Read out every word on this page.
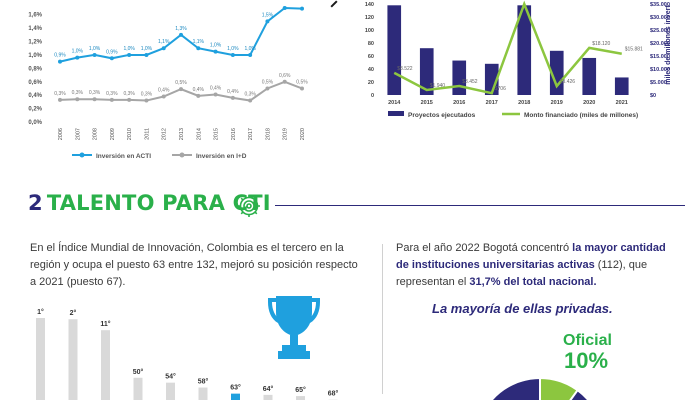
0,0%
0,2%
0,4%
0,6%
0,8%
1,0%
1,2%
1,4%
1,6%
2006 2007 2008 2009 2010 2011 2012 2013 2014 2015 2016 2017 2018 2019 2020
0,9%
1,0% 1,0%
0,9%
1,0% 1,0%
1,1%
1,3%
1,1%
1,0%
1,0% 1,0%
1,5%
0,3% 0,3% 0,3% 0,3% 0,3% 0,3%
0,4%
0,5%
0,4% 0,4%
0,4% 0,3%
0,5%
0,6%
0,5%
Inversión en ACTI	Inversión en I+D
miles de millones invert
0
20
40
60
80
100
120
140
$0
$5.000
$10.000
$15.000
$20.000
$25.000
$30.000
$35.000
$8.522
$1.940
$3.452
$706
$3.426
$18.120
$15.881
2014	2015	2016	2017	2018	2019	2020	2021
Proyectos ejecutados	Monto financiado (miles de millones)
2 TALENTO PARA CTI
En el Índice Mundial de Innovación, Colombia es el tercero en la región y ocupa el puesto 63 entre 132, mejoró su posición respecto a 2021 (puesto 67).
Para el año 2022 Bogotá concentró la mayor cantidad de instituciones universitarias activas (112), que representan el 31,7% del total nacional.
La mayoría de ellas privadas.
1°	2°
11°
50°
54°
58°
63°	64°	65°
68°
Oficial
10%
